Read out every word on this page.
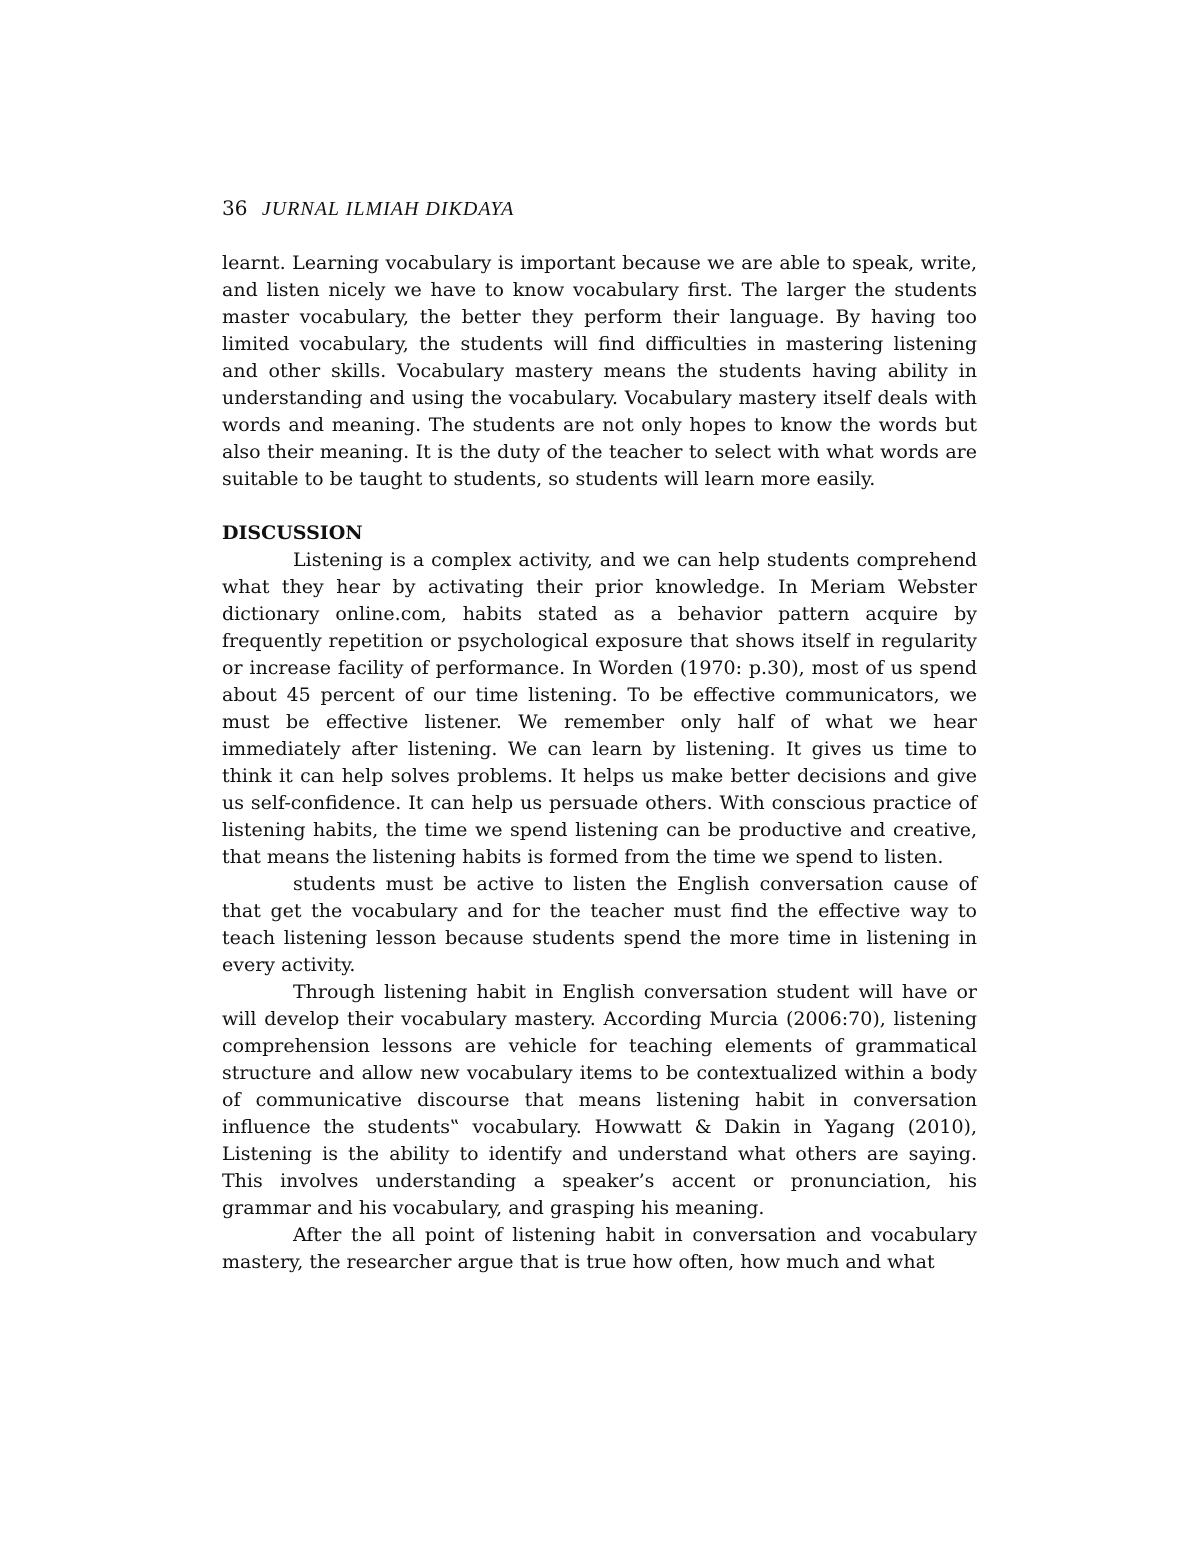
36 JURNAL ILMIAH DIKDAYA

learnt. Learning vocabulary is important because we are able to speak, write, and listen nicely we have to know vocabulary first. The larger the students master vocabulary, the better they perform their language. By having too limited vocabulary, the students will find difficulties in mastering listening and other skills. Vocabulary mastery means the students having ability in understanding and using the vocabulary. Vocabulary mastery itself deals with words and meaning. The students are not only hopes to know the words but also their meaning. It is the duty of the teacher to select with what words are suitable to be taught to students, so students will learn more easily.

DISCUSSION

Listening is a complex activity, and we can help students comprehend what they hear by activating their prior knowledge. In Meriam Webster dictionary online.com, habits stated as a behavior pattern acquire by frequently repetition or psychological exposure that shows itself in regularity or increase facility of performance. In Worden (1970: p.30), most of us spend about 45 percent of our time listening. To be effective communicators, we must be effective listener. We remember only half of what we hear immediately after listening. We can learn by listening. It gives us time to think it can help solves problems. It helps us make better decisions and give us self-confidence. It can help us persuade others. With conscious practice of listening habits, the time we spend listening can be productive and creative, that means the listening habits is formed from the time we spend to listen.

students must be active to listen the English conversation cause of that get the vocabulary and for the teacher must find the effective way to teach listening lesson because students spend the more time in listening in every activity.

Through listening habit in English conversation student will have or will develop their vocabulary mastery. According Murcia (2006:70), listening comprehension lessons are vehicle for teaching elements of grammatical structure and allow new vocabulary items to be contextualized within a body of communicative discourse that means listening habit in conversation influence the students‟ vocabulary. Howwatt & Dakin in Yagang (2010), Listening is the ability to identify and understand what others are saying. This involves understanding a speaker’s accent or pronunciation, his grammar and his vocabulary, and grasping his meaning.

After the all point of listening habit in conversation and vocabulary mastery, the researcher argue that is true how often, how much and what
